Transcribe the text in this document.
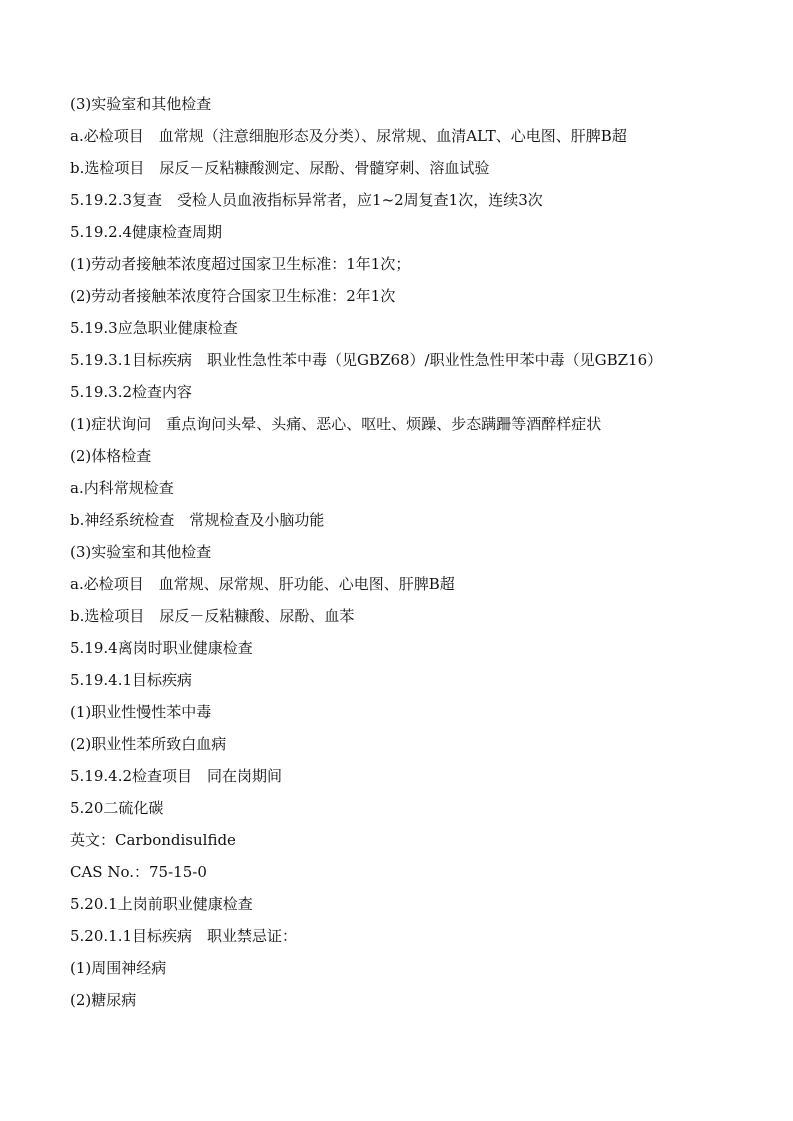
(3)实验室和其他检查
a.必检项目　血常规（注意细胞形态及分类）、尿常规、血清ALT、心电图、肝脾B超
b.选检项目　尿反－反粘糠酸测定、尿酚、骨髓穿刺、溶血试验
5.19.2.3复查　受检人员血液指标异常者，应1~2周复查1次，连续3次
5.19.2.4健康检查周期
(1)劳动者接触苯浓度超过国家卫生标准：1年1次；
(2)劳动者接触苯浓度符合国家卫生标准：2年1次
5.19.3应急职业健康检查
5.19.3.1目标疾病　职业性急性苯中毒（见GBZ68）/职业性急性甲苯中毒（见GBZ16）
5.19.3.2检查内容
(1)症状询问　重点询问头晕、头痛、恶心、呕吐、烦躁、步态蹒跚等酒醉样症状
(2)体格检查
a.内科常规检查
b.神经系统检查　常规检查及小脑功能
(3)实验室和其他检查
a.必检项目　血常规、尿常规、肝功能、心电图、肝脾B超
b.选检项目　尿反－反粘糠酸、尿酚、血苯
5.19.4离岗时职业健康检查
5.19.4.1目标疾病
(1)职业性慢性苯中毒
(2)职业性苯所致白血病
5.19.4.2检查项目　同在岗期间
5.20二硫化碳
英文：Carbondisulfide
CAS No.：75-15-0
5.20.1上岗前职业健康检查
5.20.1.1目标疾病　职业禁忌证：
(1)周围神经病
(2)糖尿病
